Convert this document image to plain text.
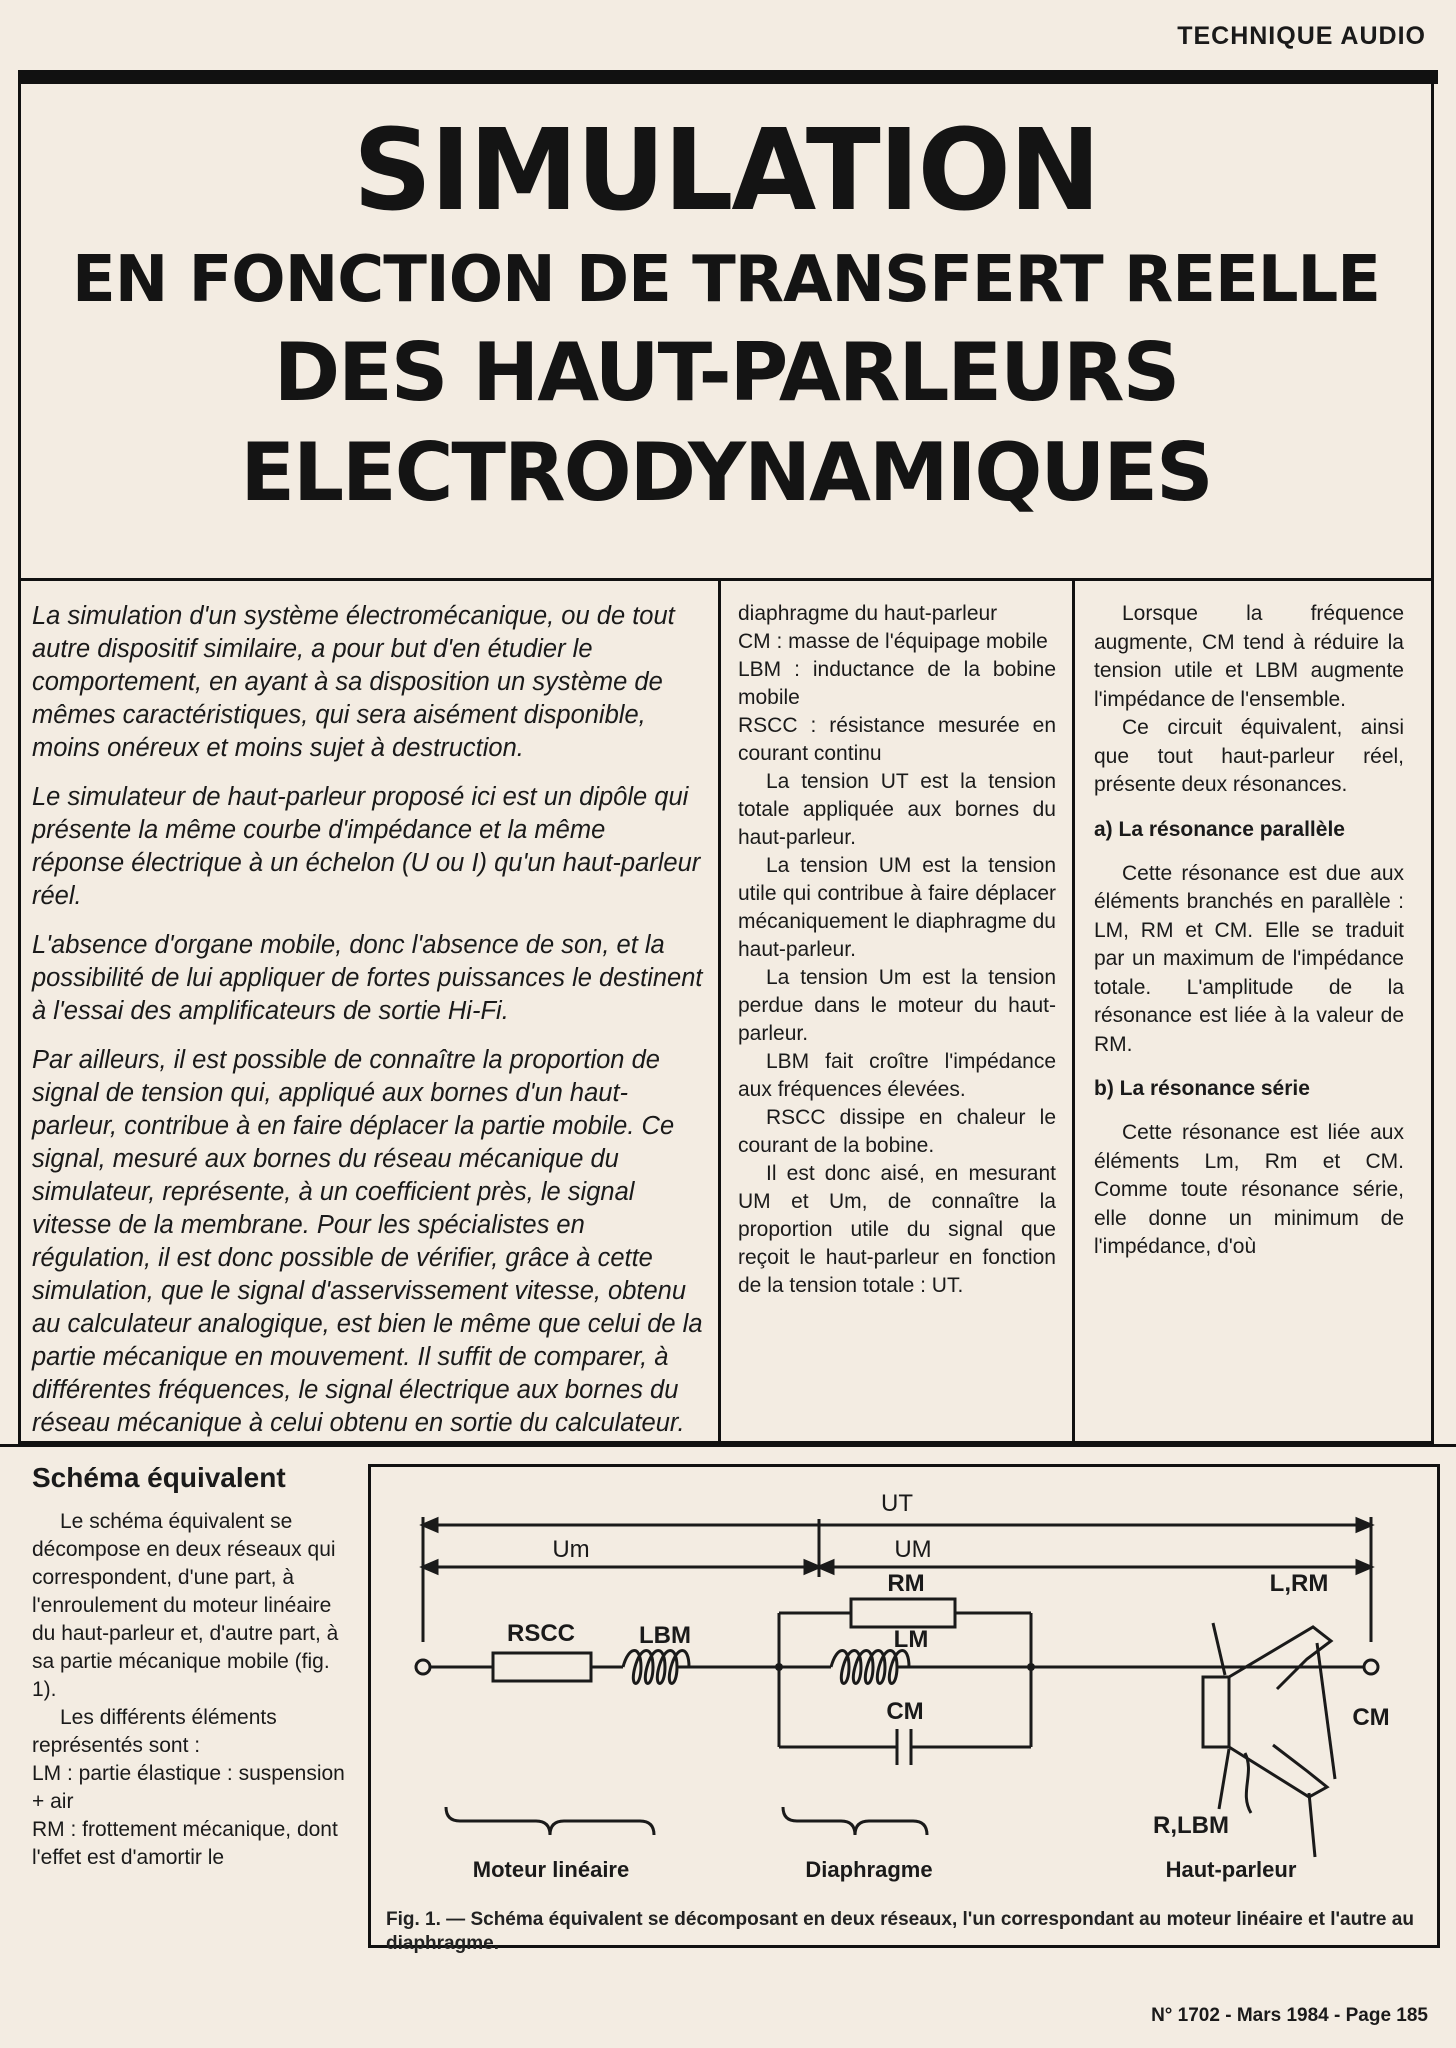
TECHNIQUE AUDIO
SIMULATION
EN FONCTION DE TRANSFERT REELLE
DES HAUT-PARLEURS
ELECTRODYNAMIQUES

La simulation d'un système électromécanique, ou de tout autre dispositif similaire, a pour but d'en étudier le comportement, en ayant à sa disposition un système de mêmes caractéristiques, qui sera aisément disponible, moins onéreux et moins sujet à destruction.

Le simulateur de haut-parleur proposé ici est un dipôle qui présente la même courbe d'impédance et la même réponse électrique à un échelon (U ou I) qu'un haut-parleur réel.

L'absence d'organe mobile, donc l'absence de son, et la possibilité de lui appliquer de fortes puissances le destinent à l'essai des amplificateurs de sortie Hi-Fi.

Par ailleurs, il est possible de connaître la proportion de signal de tension qui, appliqué aux bornes d'un haut-parleur, contribue à en faire déplacer la partie mobile. Ce signal, mesuré aux bornes du réseau mécanique du simulateur, représente, à un coefficient près, le signal vitesse de la membrane. Pour les spécialistes en régulation, il est donc possible de vérifier, grâce à cette simulation, que le signal d'asservissement vitesse, obtenu au calculateur analogique, est bien le même que celui de la partie mécanique en mouvement. Il suffit de comparer, à différentes fréquences, le signal électrique aux bornes du réseau mécanique à celui obtenu en sortie du calculateur.

diaphragme du haut-parleur

CM : masse de l'équipage mobile

LBM : inductance de la bobine mobile

RSCC : résistance mesurée en courant continu

La tension UT est la tension totale appliquée aux bornes du haut-parleur.

La tension UM est la tension utile qui contribue à faire déplacer mécaniquement le diaphragme du haut-parleur.

La tension Um est la tension perdue dans le moteur du haut-parleur.

LBM fait croître l'impédance aux fréquences élevées.

RSCC dissipe en chaleur le courant de la bobine.

Il est donc aisé, en mesurant UM et Um, de connaître la proportion utile du signal que reçoit le haut-parleur en fonction de la tension totale : UT.

Lorsque la fréquence augmente, CM tend à réduire la tension utile et LBM augmente l'impédance de l'ensemble.

Ce circuit équivalent, ainsi que tout haut-parleur réel, présente deux résonances.

a) La résonance parallèle

Cette résonance est due aux éléments branchés en parallèle : LM, RM et CM. Elle se traduit par un maximum de l'impédance totale. L'amplitude de la résonance est liée à la valeur de RM.

b) La résonance série

Cette résonance est liée aux éléments Lm, Rm et CM. Comme toute résonance série, elle donne un minimum de l'impédance, d'où

Schéma équivalent

Le schéma équivalent se décompose en deux réseaux qui correspondent, d'une part, à l'enroulement du moteur linéaire du haut-parleur et, d'autre part, à sa partie mécanique mobile (fig. 1).

Les différents éléments représentés sont :

LM : partie élastique : suspension + air

RM : frottement mécanique, dont l'effet est d'amortir le

UT
Um	UM
RSCC	LBM
RM
LM
CM
L,RM
CM
R,LBM
Moteur linéaire	Diaphragme	Haut-parleur
Fig. 1. — Schéma équivalent se décomposant en deux réseaux, l'un correspondant au moteur linéaire et l'autre au diaphragme.
N° 1702 - Mars 1984 - Page 185
